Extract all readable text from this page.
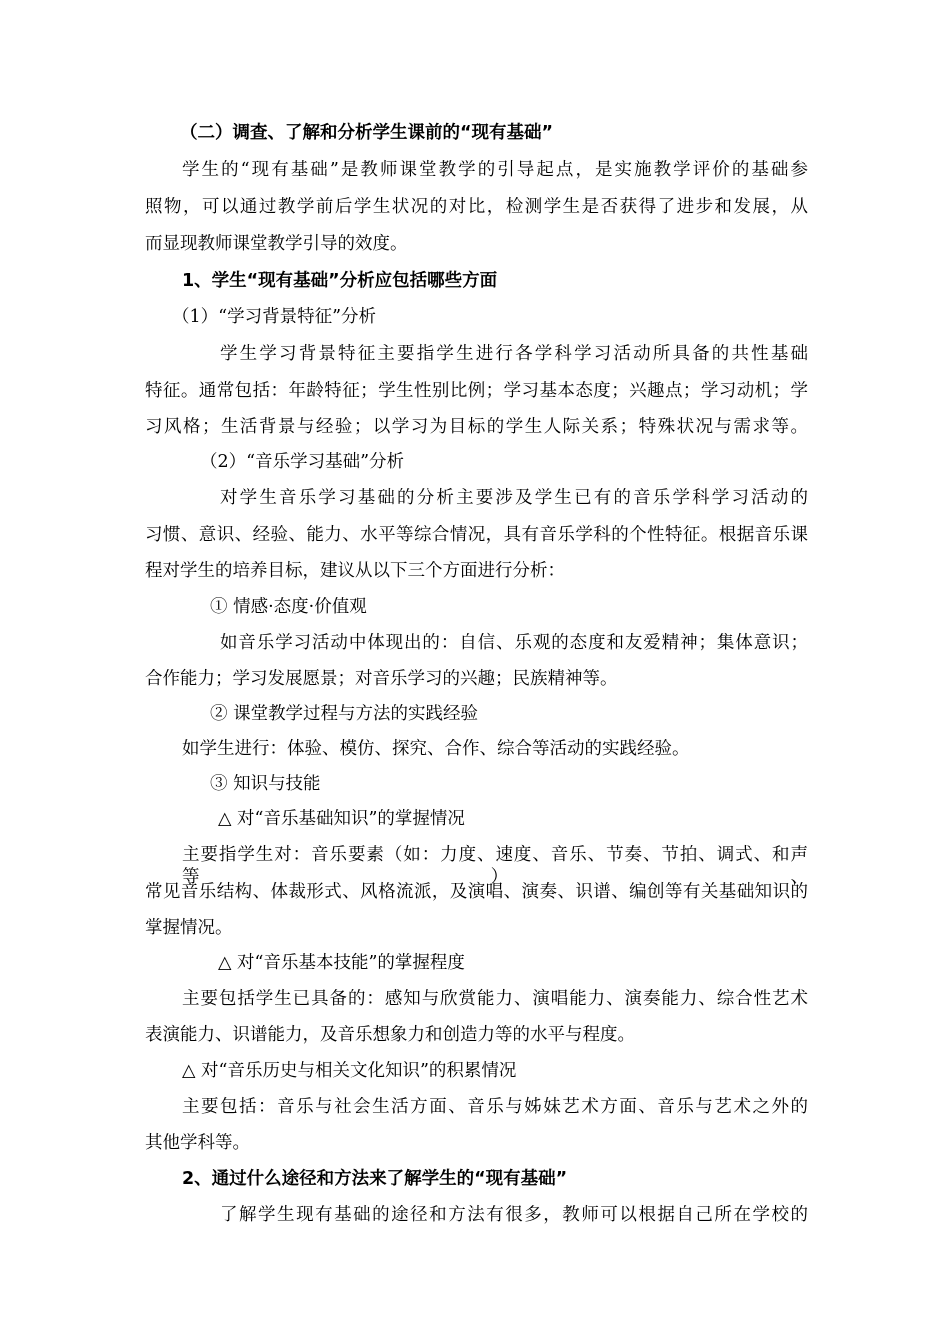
（二）调查、了解和分析学生课前的“现有基础”
学生的“现有基础”是教师课堂教学的引导起点，是实施教学评价的基础参
照物，可以通过教学前后学生状况的对比，检测学生是否获得了进步和发展，从
而显现教师课堂教学引导的效度。
1、学生“现有基础”分析应包括哪些方面
（1）“学习背景特征”分析
学生学习背景特征主要指学生进行各学科学习活动所具备的共性基础
特征。通常包括：年龄特征；学生性别比例；学习基本态度；兴趣点；学习动机；学
习风格；生活背景与经验；以学习为目标的学生人际关系；特殊状况与需求等。
（2）“音乐学习基础”分析
对学生音乐学习基础的分析主要涉及学生已有的音乐学科学习活动的
习惯、意识、经验、能力、水平等综合情况，具有音乐学科的个性特征。根据音乐课
程对学生的培养目标，建议从以下三个方面进行分析：
① 情感·态度·价值观
如音乐学习活动中体现出的：自信、乐观的态度和友爱精神；集体意识；
合作能力；学习发展愿景；对音乐学习的兴趣；民族精神等。
② 课堂教学过程与方法的实践经验
如学生进行：体验、模仿、探究、合作、综合等活动的实践经验。
③ 知识与技能
△ 对“音乐基础知识”的掌握情况
主要指学生对：音乐要素（如：力度、速度、音乐、节奏、节拍、调式、和声等）、
常见音乐结构、体裁形式、风格流派，及演唱、演奏、识谱、编创等有关基础知识的
掌握情况。
△ 对“音乐基本技能”的掌握程度
主要包括学生已具备的：感知与欣赏能力、演唱能力、演奏能力、综合性艺术
表演能力、识谱能力，及音乐想象力和创造力等的水平与程度。
△ 对“音乐历史与相关文化知识”的积累情况
主要包括：音乐与社会生活方面、音乐与姊妹艺术方面、音乐与艺术之外的
其他学科等。
2、通过什么途径和方法来了解学生的“现有基础”
了解学生现有基础的途径和方法有很多，教师可以根据自己所在学校的
